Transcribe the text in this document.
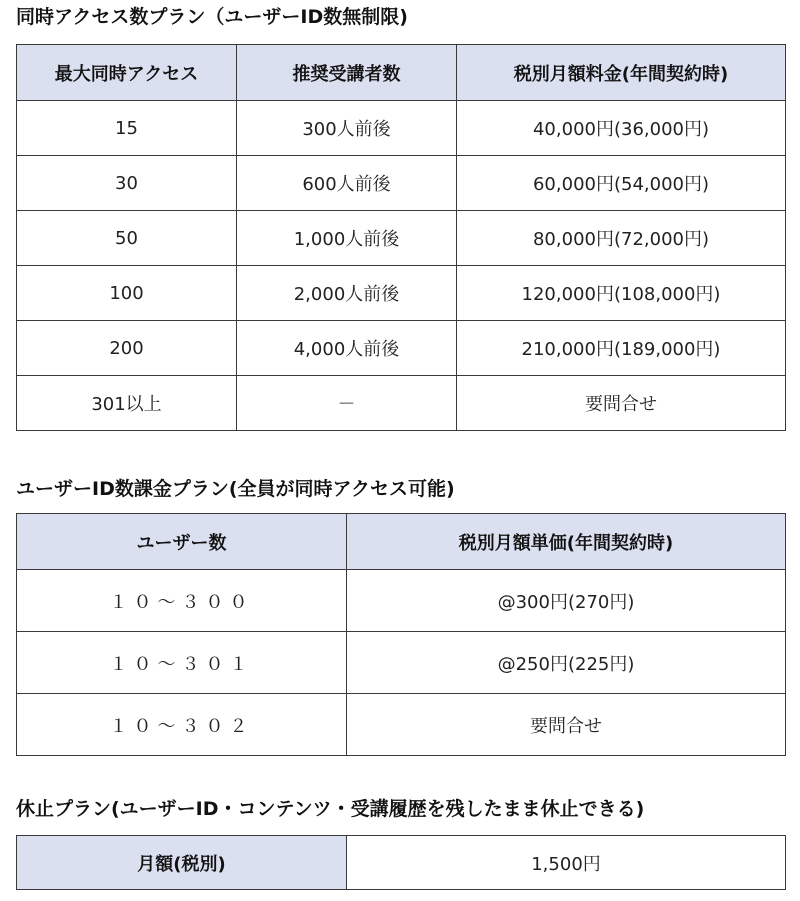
同時アクセス数プラン（ユーザーID数無制限)
最大同時アクセス	推奨受講者数	税別月額料金(年間契約時)
15	300人前後	40,000円(36,000円)
30	600人前後	60,000円(54,000円)
50	1,000人前後	80,000円(72,000円)
100	2,000人前後	120,000円(108,000円)
200	4,000人前後	210,000円(189,000円)
301以上	－	要問合せ
ユーザーID数課金プラン(全員が同時アクセス可能)
ユーザー数	税別月額単価(年間契約時)
１０～３００	@300円(270円)
１０～３０１	@250円(225円)
１０～３０２	要問合せ
休止プラン(ユーザーID・コンテンツ・受講履歴を残したまま休止できる)
月額(税別)	1,500円
